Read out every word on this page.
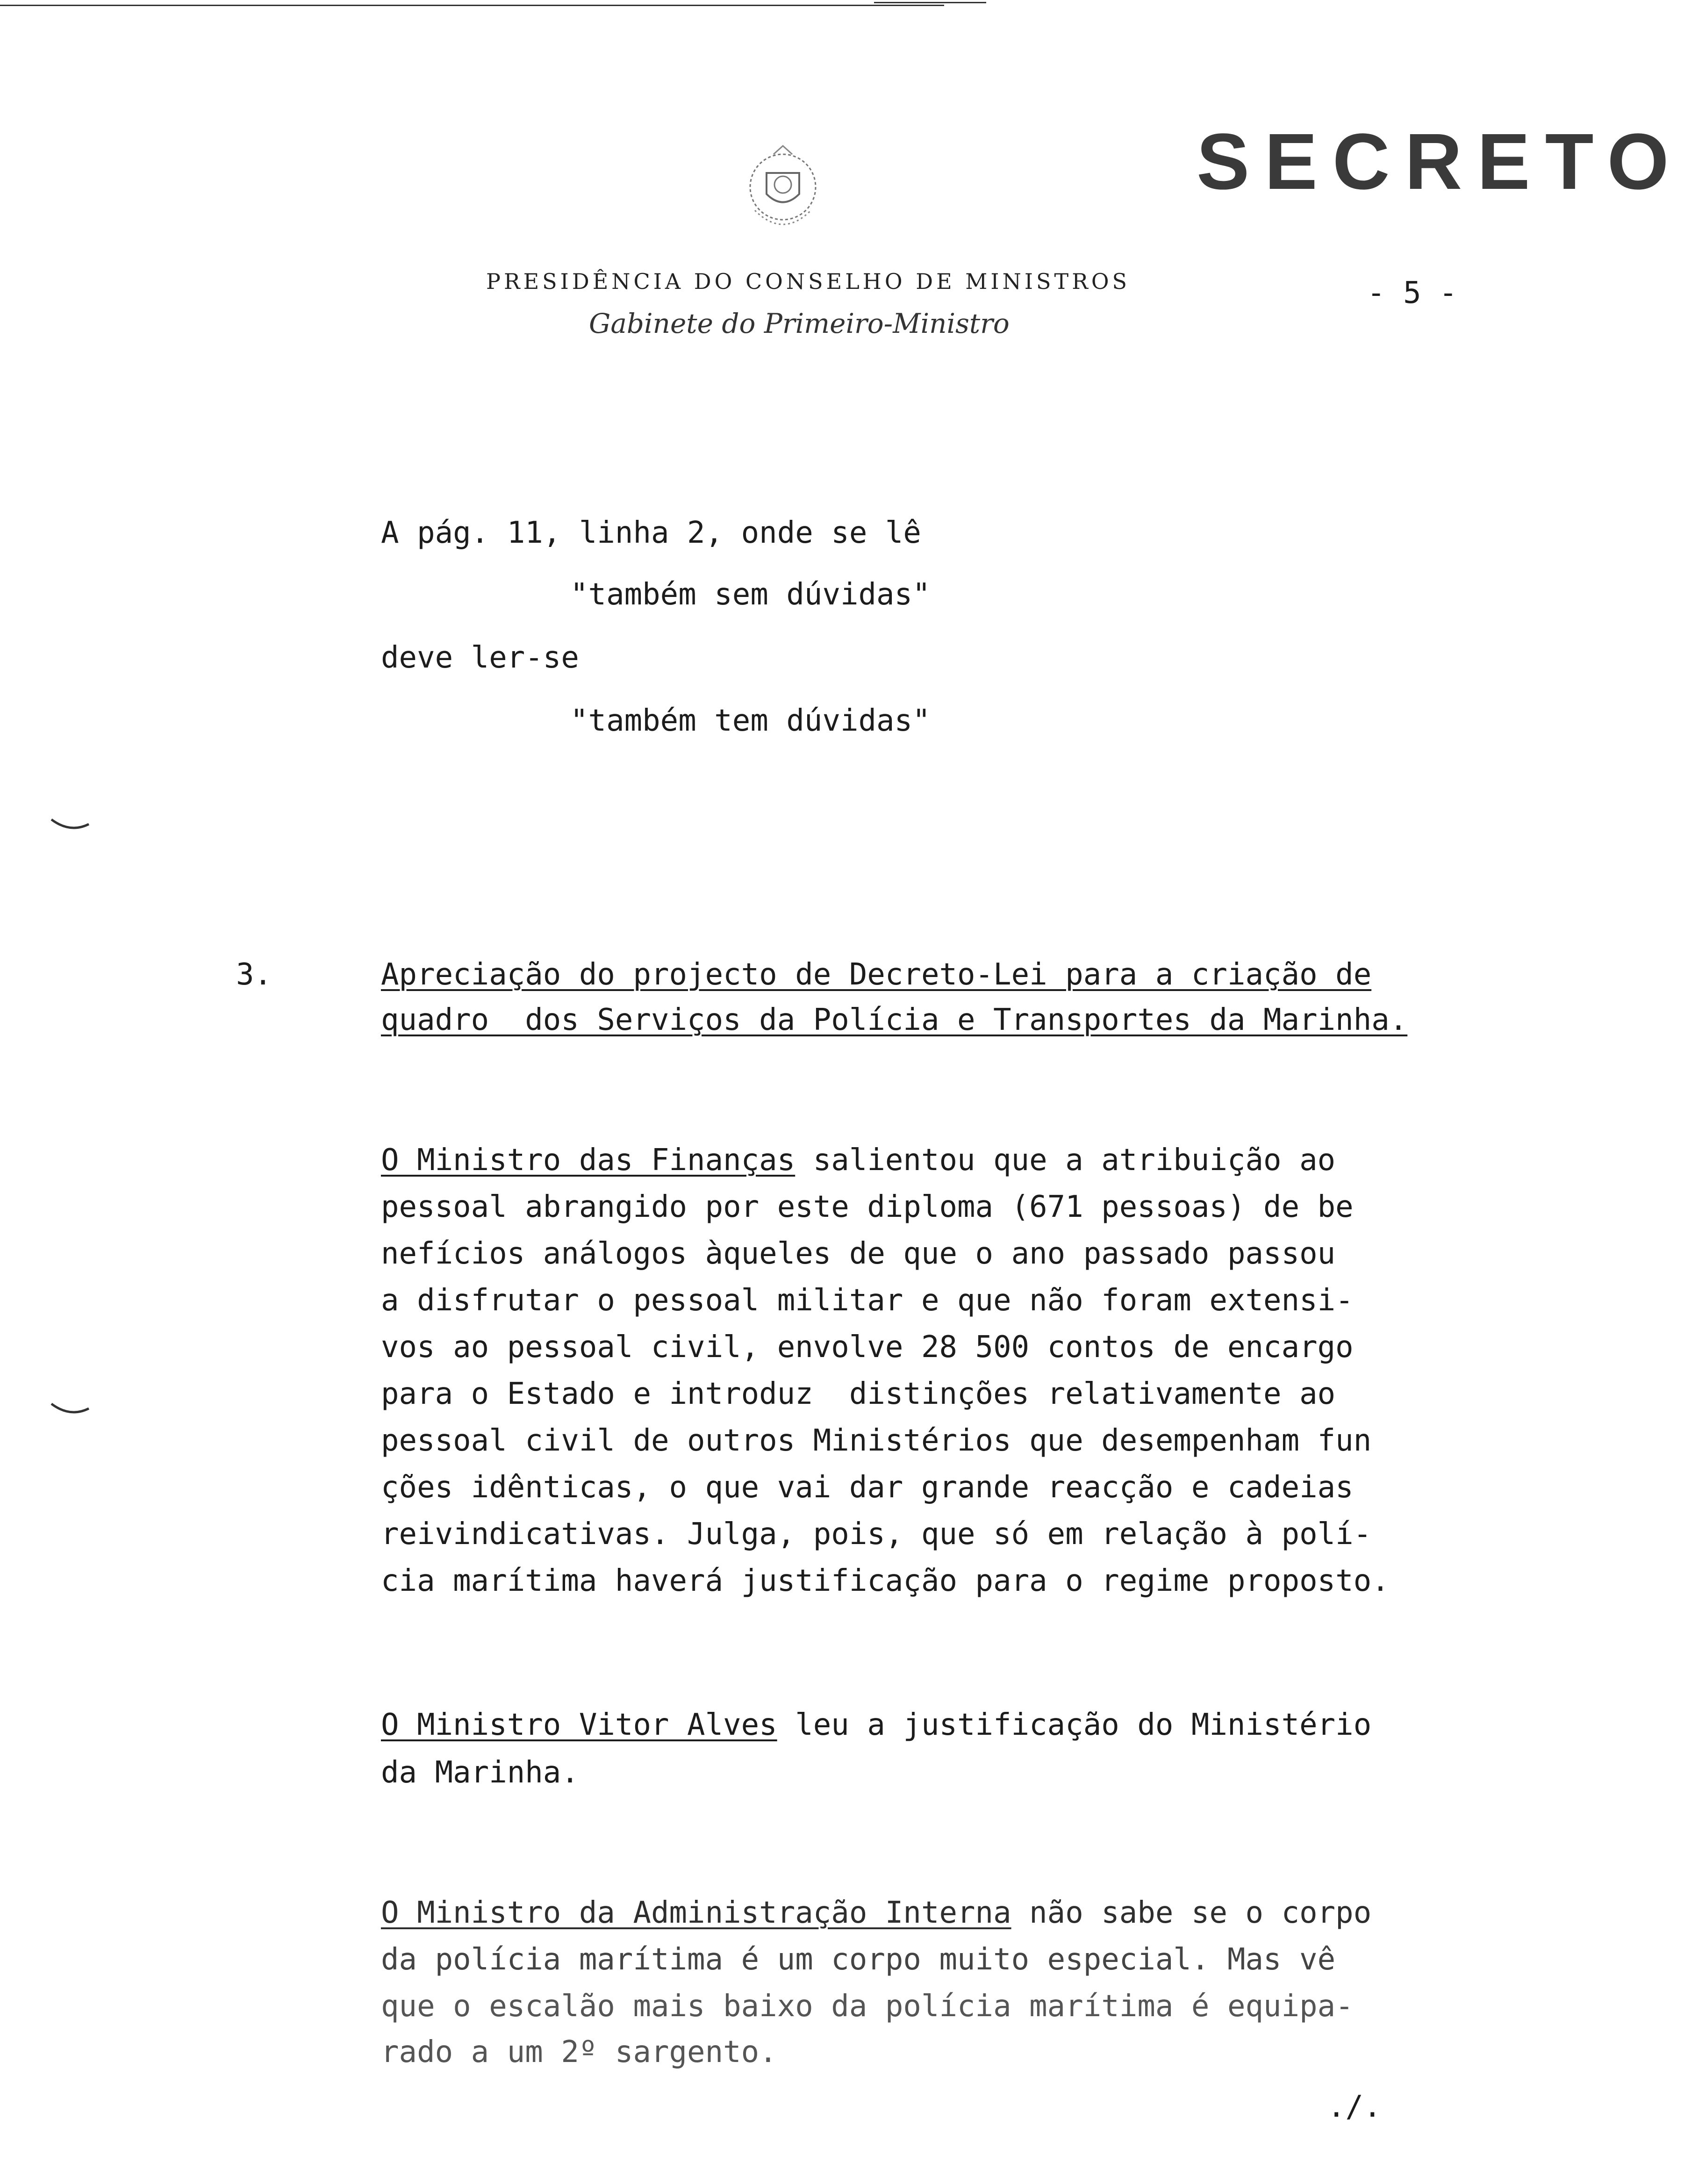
SECRETO
PRESIDÊNCIA DO CONSELHO DE MINISTROS
Gabinete do Primeiro-Ministro
- 5 -
A pág. 11, linha 2, onde se lê
"também sem dúvidas"
deve ler-se
"também tem dúvidas"
3.	Apreciação do projecto de Decreto-Lei para a criação de
quadro  dos Serviços da Polícia e Transportes da Marinha.
O Ministro das Finanças salientou que a atribuição ao
pessoal abrangido por este diploma (671 pessoas) de be
nefícios análogos àqueles de que o ano passado passou
a disfrutar o pessoal militar e que não foram extensi-
vos ao pessoal civil, envolve 28 500 contos de encargo
para o Estado e introduz  distinções relativamente ao
pessoal civil de outros Ministérios que desempenham fun
ções idênticas, o que vai dar grande reacção e cadeias
reivindicativas. Julga, pois, que só em relação à polí-
cia marítima haverá justificação para o regime proposto.
O Ministro Vitor Alves leu a justificação do Ministério
da Marinha.
O Ministro da Administração Interna não sabe se o corpo
da polícia marítima é um corpo muito especial. Mas vê
que o escalão mais baixo da polícia marítima é equipa-
rado a um 2º sargento.
./.
